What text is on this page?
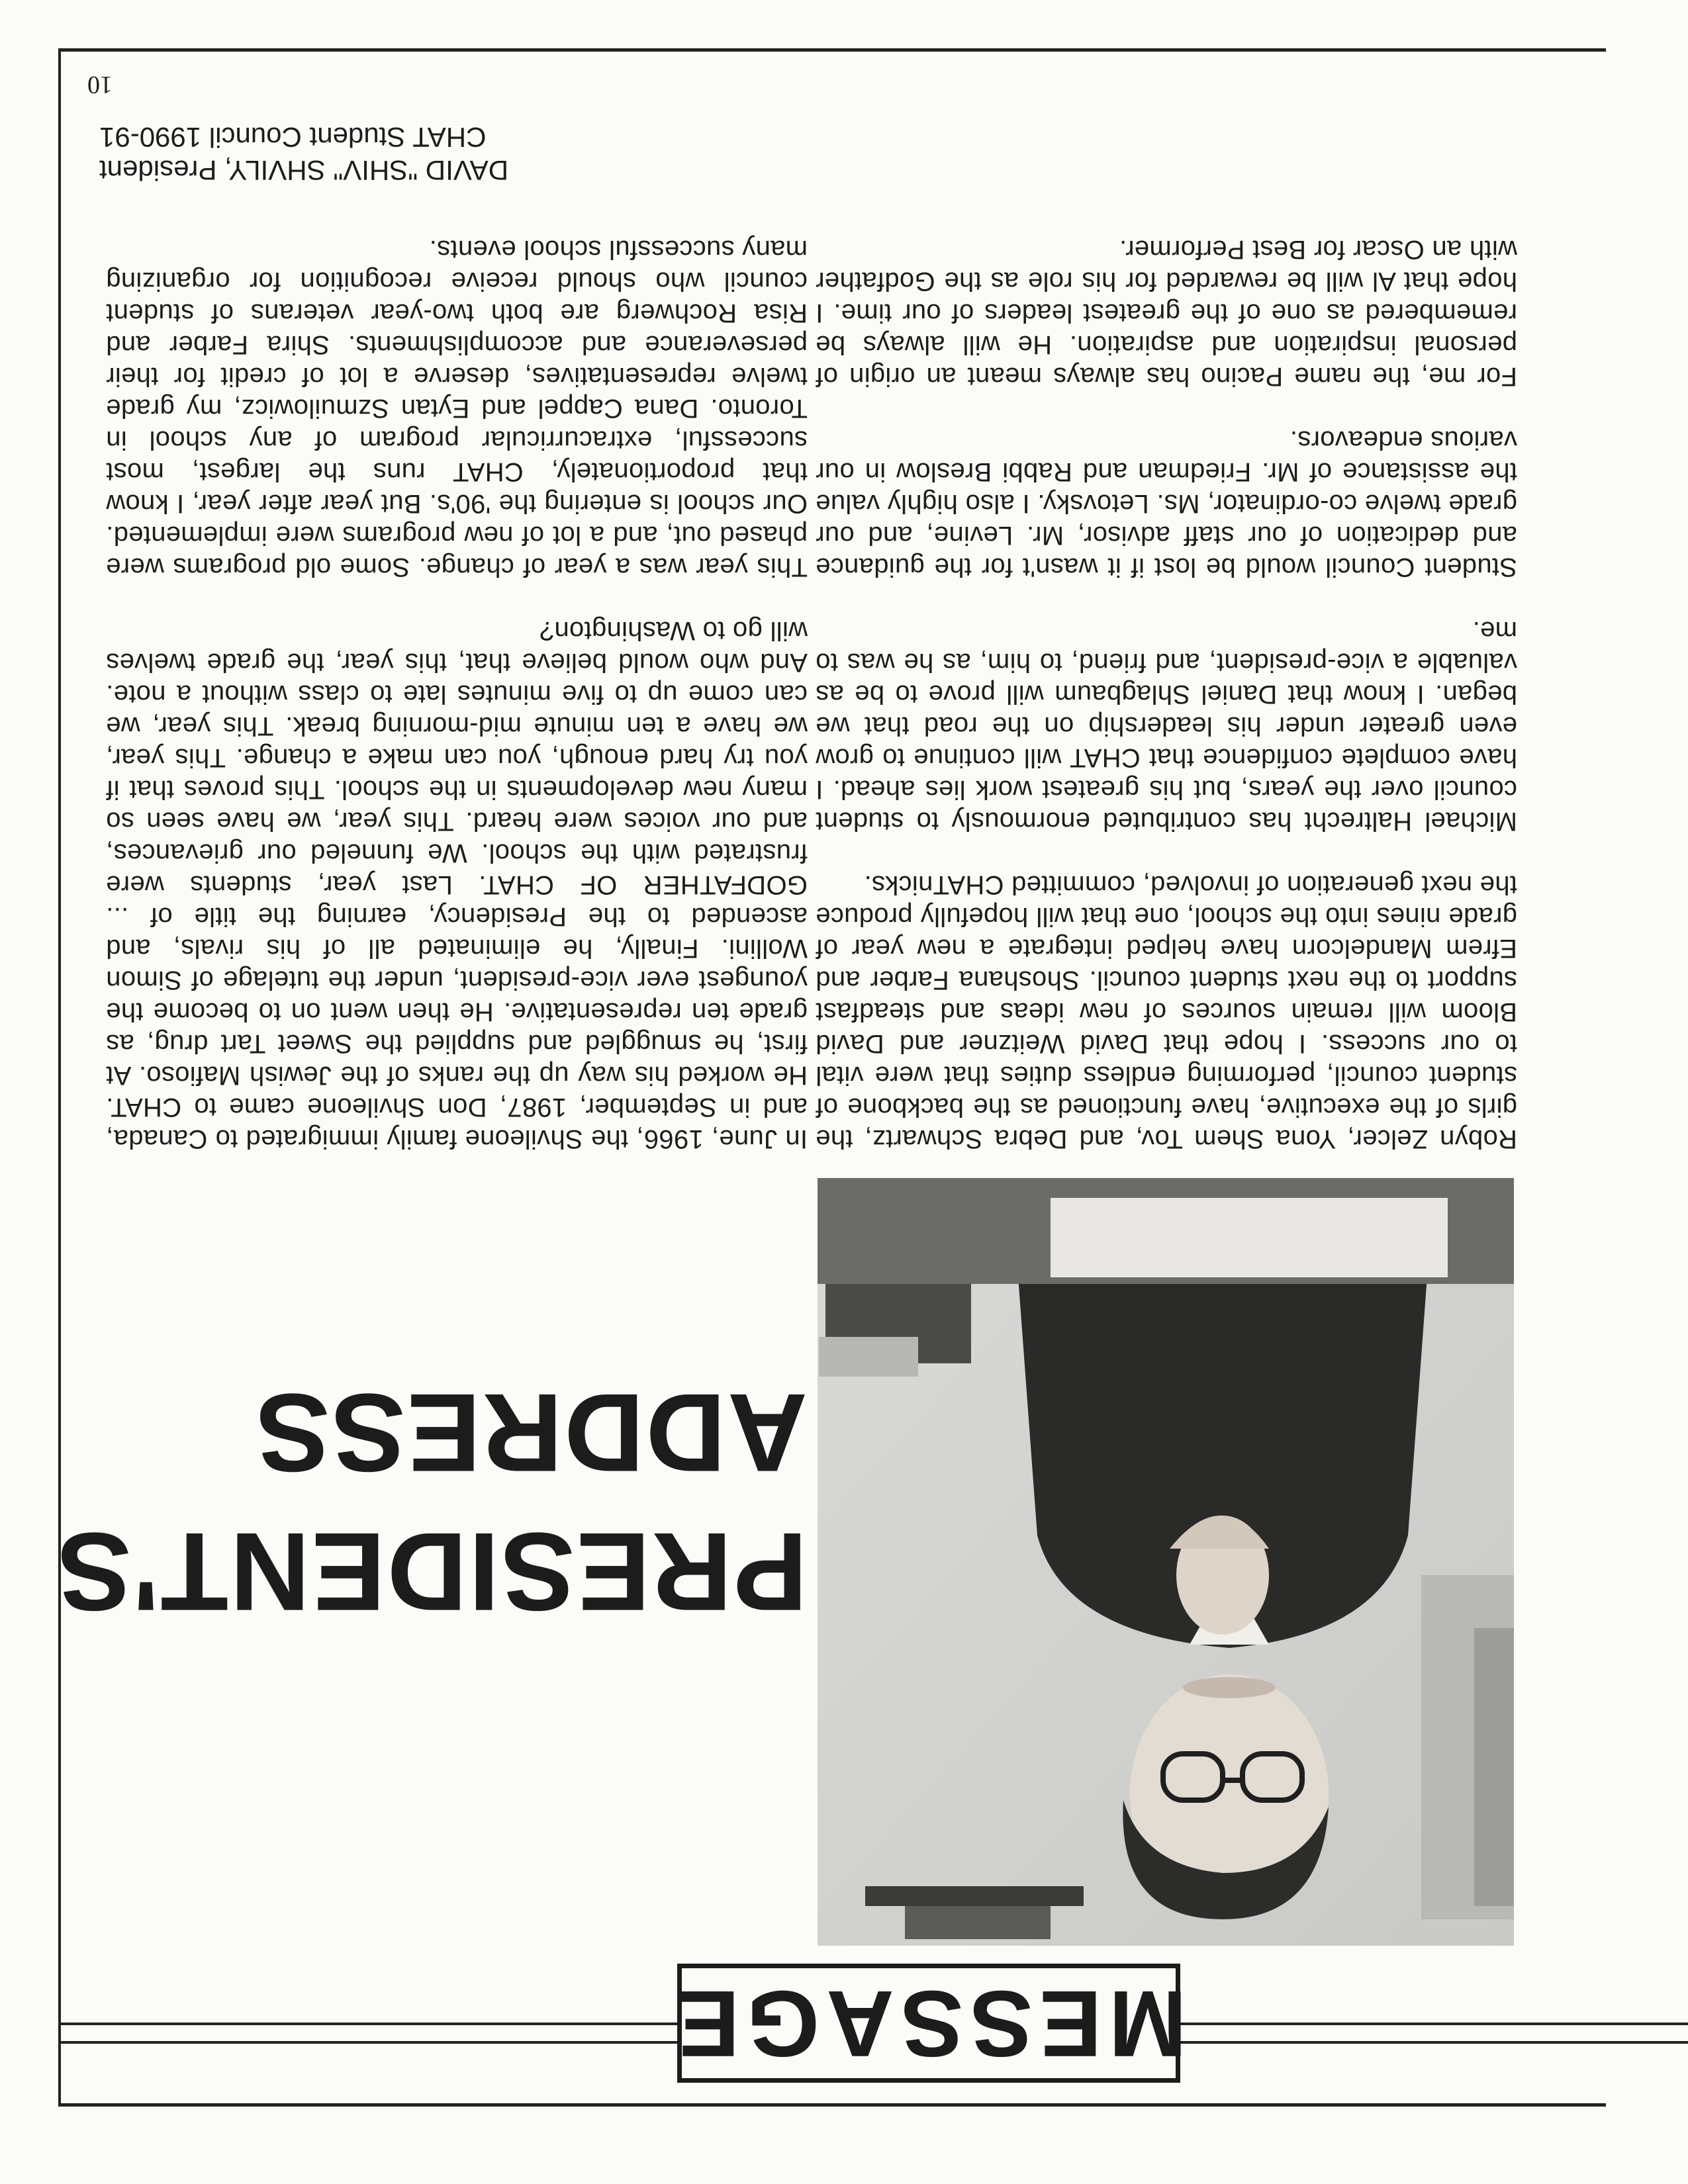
MESSAGE
PRESIDENT'S
ADDRESS

Robyn Zelcer, Yona Shem Tov, and Debra Schwartz, the girls of the executive, have functioned as the backbone of student council, performing endless duties that were vital to our success. I hope that David Weitzner and David Bloom will remain sources of new ideas and steadfast support to the next student council. Shoshana Farber and Efrem Mandelcorn have helped integrate a new year of grade nines into the school, one that will hopefully produce the next generation of involved, committed CHATnicks.

Michael Haltrecht has contributed enormously to student council over the years, but his greatest work lies ahead. I have complete confidence that CHAT will continue to grow even greater under his leadership on the road that we began. I know that Daniel Shlagbaum will prove to be as valuable a vice-president, and friend, to him, as he was to me.

Student Council would be lost if it wasn't for the guidance and dedication of our staff advisor, Mr. Levine, and our grade twelve co-ordinator, Ms. Letovsky. I also highly value the assistance of Mr. Friedman and Rabbi Breslow in our various endeavors.

For me, the name Pacino has always meant an origin of personal inspiration and aspiration. He will always be remembered as one of the greatest leaders of our time. I hope that Al will be rewarded for his role as the Godfather with an Oscar for Best Performer.

In June, 1966, the Shvileone family immigrated to Canada, and in September, 1987, Don Shvileone came to CHAT. He worked his way up the ranks of the Jewish Mafioso. At first, he smuggled and supplied the Sweet Tart drug, as grade ten representative. He then went on to become the youngest ever vice-president, under the tutelage of Simon Wollini. Finally, he eliminated all of his rivals, and ascended to the Presidency, earning the title of ... GODFATHER OF CHAT. Last year, students were frustrated with the school. We funneled our grievances, and our voices were heard. This year, we have seen so many new developments in the school. This proves that if you try hard enough, you can make a change. This year, we have a ten minute mid-morning break. This year, we can come up to five minutes late to class without a note. And who would believe that, this year, the grade twelves will go to Washington?

This year was a year of change. Some old programs were phased out, and a lot of new programs were implemented. Our school is entering the '90's. But year after year, I know that proportionately, CHAT runs the largest, most successful, extracurricular program of any school in Toronto. Dana Cappel and Eytan Szmuilowicz, my grade twelve representatives, deserve a lot of credit for their perseverance and accomplishments. Shira Farber and Risa Rochwerg are both two-year veterans of student council who should receive recognition for organizing many successful school events.

DAVID "SHIV" SHVILY, President
CHAT Student Council 1990-91
10
